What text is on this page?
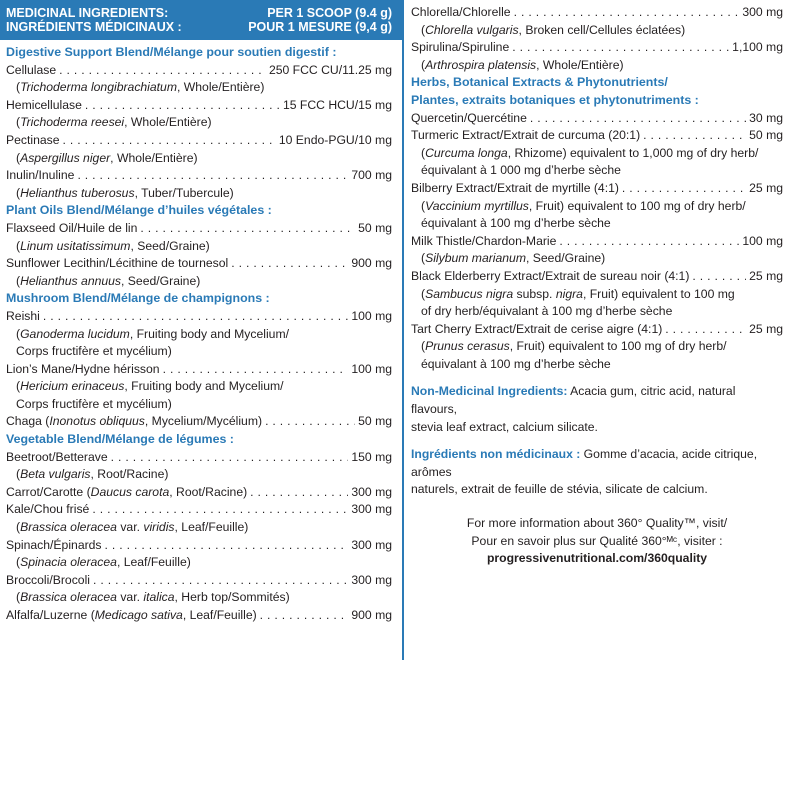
MEDICINAL INGREDIENTS:
INGRÉDIENTS MÉDICINAUX :
PER 1 SCOOP (9.4 g)
POUR 1 MESURE (9,4 g)
Digestive Support Blend/Mélange pour soutien digestif :
Cellulase . . .	250 FCC CU/11.25 mg
(Trichoderma longibrachiatum, Whole/Entière)
Hemicellulase . . .	15 FCC HCU/15 mg
(Trichoderma reesei, Whole/Entière)
Pectinase . . .	10 Endo-PGU/10 mg
(Aspergillus niger, Whole/Entière)
Inulin/Inuline . . .	700 mg
(Helianthus tuberosus, Tuber/Tubercule)
Plant Oils Blend/Mélange d’huiles végétales :
Flaxseed Oil/Huile de lin . . .	50 mg
(Linum usitatissimum, Seed/Graine)
Sunflower Lecithin/Lécithine de tournesol . . .	900 mg
(Helianthus annuus, Seed/Graine)
Mushroom Blend/Mélange de champignons :
Reishi . . .	100 mg
(Ganoderma lucidum, Fruiting body and Mycelium/
Corps fructifère et mycélium)
Lion’s Mane/Hydne hérisson . . .	100 mg
(Hericium erinaceus, Fruiting body and Mycelium/
Corps fructifère et mycélium)
Chaga (Inonotus obliquus, Mycelium/Mycélium) . . .	50 mg
Vegetable Blend/Mélange de légumes :
Beetroot/Betterave . . .	150 mg
(Beta vulgaris, Root/Racine)
Carrot/Carotte (Daucus carota, Root/Racine) . . .	300 mg
Kale/Chou frisé . . .	300 mg
(Brassica oleracea var. viridis, Leaf/Feuille)
Spinach/Épinards . . .	300 mg
(Spinacia oleracea, Leaf/Feuille)
Broccoli/Brocoli . . .	300 mg
(Brassica oleracea var. italica, Herb top/Sommités)
Alfalfa/Luzerne (Medicago sativa, Leaf/Feuille) . . .	900 mg
Chlorella/Chlorelle . . .	300 mg
(Chlorella vulgaris, Broken cell/Cellules éclatées)
Spirulina/Spiruline . . .	1,100 mg
(Arthrospira platensis, Whole/Entière)
Herbs, Botanical Extracts & Phytonutrients/
Plantes, extraits botaniques et phytonutriments :
Quercetin/Quercétine . . .	30 mg
Turmeric Extract/Extrait de curcuma (20:1) . . .	50 mg
(Curcuma longa, Rhizome) equivalent to 1,000 mg of dry herb/
équivalant à 1 000 mg d’herbe sèche
Bilberry Extract/Extrait de myrtille (4:1) . . .	25 mg
(Vaccinium myrtillus, Fruit) equivalent to 100 mg of dry herb/
équivalant à 100 mg d’herbe sèche
Milk Thistle/Chardon-Marie . . .	100 mg
(Silybum marianum, Seed/Graine)
Black Elderberry Extract/Extrait de sureau noir (4:1) . . .	25 mg
(Sambucus nigra subsp. nigra, Fruit) equivalent to 100 mg
of dry herb/équivalant à 100 mg d’herbe sèche
Tart Cherry Extract/Extrait de cerise aigre (4:1) . . .	25 mg
(Prunus cerasus, Fruit) equivalent to 100 mg of dry herb/
équivalant à 100 mg d’herbe sèche
Non-Medicinal Ingredients: Acacia gum, citric acid, natural flavours,
stevia leaf extract, calcium silicate.
Ingrédients non médicinaux : Gomme d’acacia, acide citrique, arômes
naturels, extrait de feuille de stévia, silicate de calcium.
For more information about 360° Quality™, visit/
Pour en savoir plus sur Qualité 360°ᴹᶜ, visiter :
progressivenutritional.com/360quality
